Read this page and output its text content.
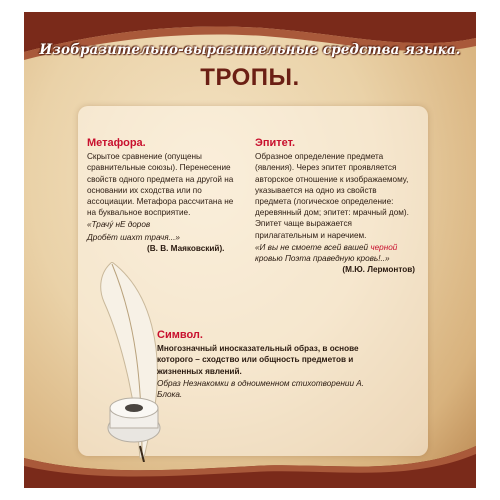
Изобразительно-выразительные средства языка.
ТРОПЫ.
Метафора.
Скрытое сравнение (опущены сравнительные союзы). Перенесение свойств одного предмета на другой на основании их сходства или по ассоциации. Метафора рассчитана не на буквальное восприятие.
«Трачу́ нЕ доров
Дробёт шахт трачя...»
(В. В. Маяковский).
Эпитет.
Образное определение предмета (явления). Через эпитет проявляется авторское отношение к изображаемому, указывается на одно из свойств предмета (логическое определение: деревянный дом; эпитет: мрачный дом). Эпитет чаще выражается прилагательным и наречием.
«И вы не смоете всей вашей черной кровью Поэта праведную кровь!..»
(М.Ю. Лермонтов)
Символ.
Многозначный иносказательный образ, в основе которого – сходство или общность предметов и жизненных явлений.
Образ Незнакомки в одноименном стихотворении А. Блока.
